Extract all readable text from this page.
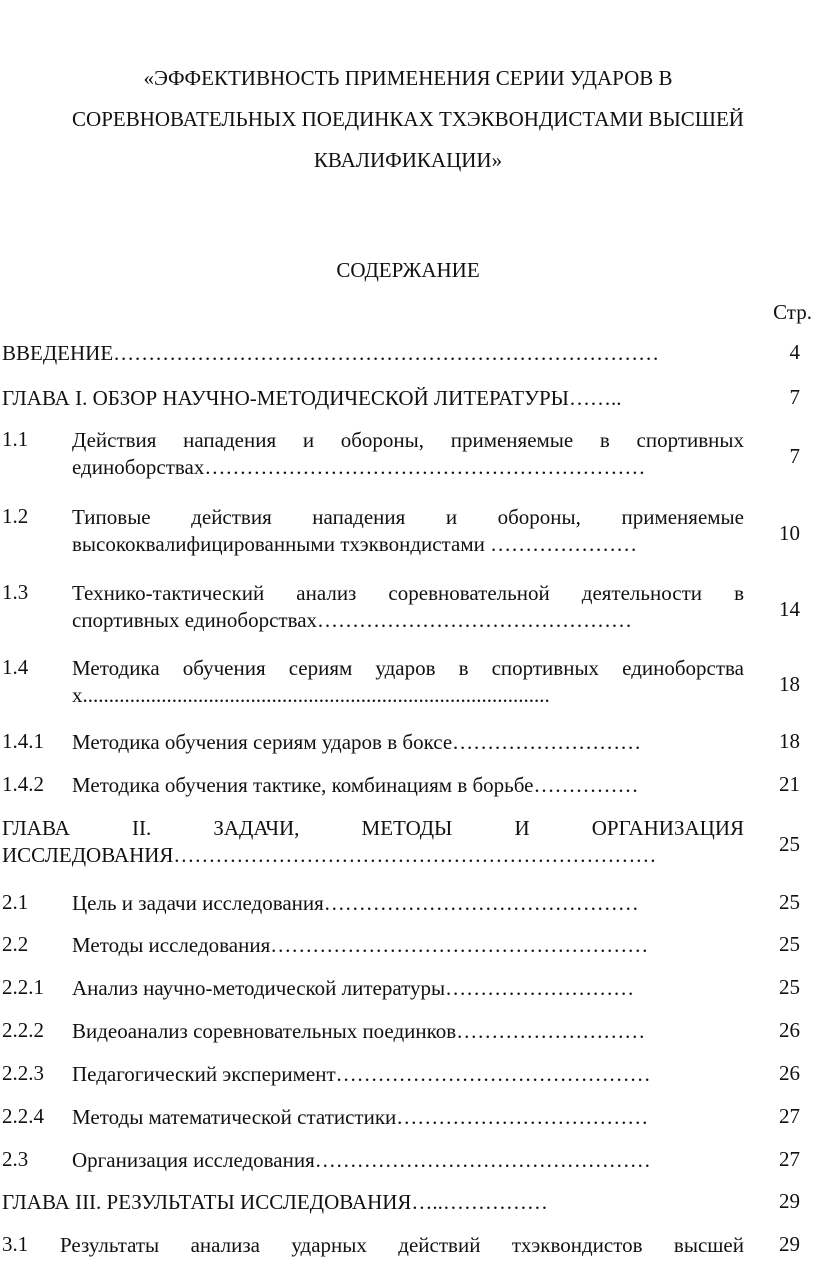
«ЭФФЕКТИВНОСТЬ ПРИМЕНЕНИЯ СЕРИИ УДАРОВ В
СОРЕВНОВАТЕЛЬНЫХ ПОЕДИНКАХ ТХЭКВОНДИСТАМИ ВЫСШЕЙ
КВАЛИФИКАЦИИ»
СОДЕРЖАНИЕ
Стр.
ВВЕДЕНИЕ……………………………………………………………………	4
ГЛАВА I. ОБЗОР НАУЧНО-МЕТОДИЧЕСКОЙ ЛИТЕРАТУРЫ……..	7
1.1 Действия нападения и обороны, применяемые в спортивных единоборствах………………………………………………………	7
1.2 Типовые действия нападения и обороны, применяемые высококвалифицированными тхэквондистами …………………	10
1.3 Технико-тактический анализ соревновательной деятельности в спортивных единоборствах………………………………………	14
1.4 Методика обучения сериям ударов в спортивных единоборствах.........................................................................................	18
1.4.1 Методика обучения сериям ударов в боксе………………………	18
1.4.2 Методика обучения тактике, комбинациям в борьбе……………	21
ГЛАВА II. ЗАДАЧИ, МЕТОДЫ И ОРГАНИЗАЦИЯ ИССЛЕДОВАНИЯ……………………………………………………………	25
2.1 Цель и задачи исследования………………………………………	25
2.2 Методы исследования………………………………………………	25
2.2.1 Анализ научно-методической литературы………………………	25
2.2.2 Видеоанализ соревновательных поединков………………………	26
2.2.3 Педагогический эксперимент………………………………………	26
2.2.4 Методы математической статистики………………………………	27
2.3 Организация исследования…………………………………………	27
ГЛАВА III. РЕЗУЛЬТАТЫ ИССЛЕДОВАНИЯ…..……………	29
3.1 Результаты анализа ударных действий тхэквондистов высшей	29
